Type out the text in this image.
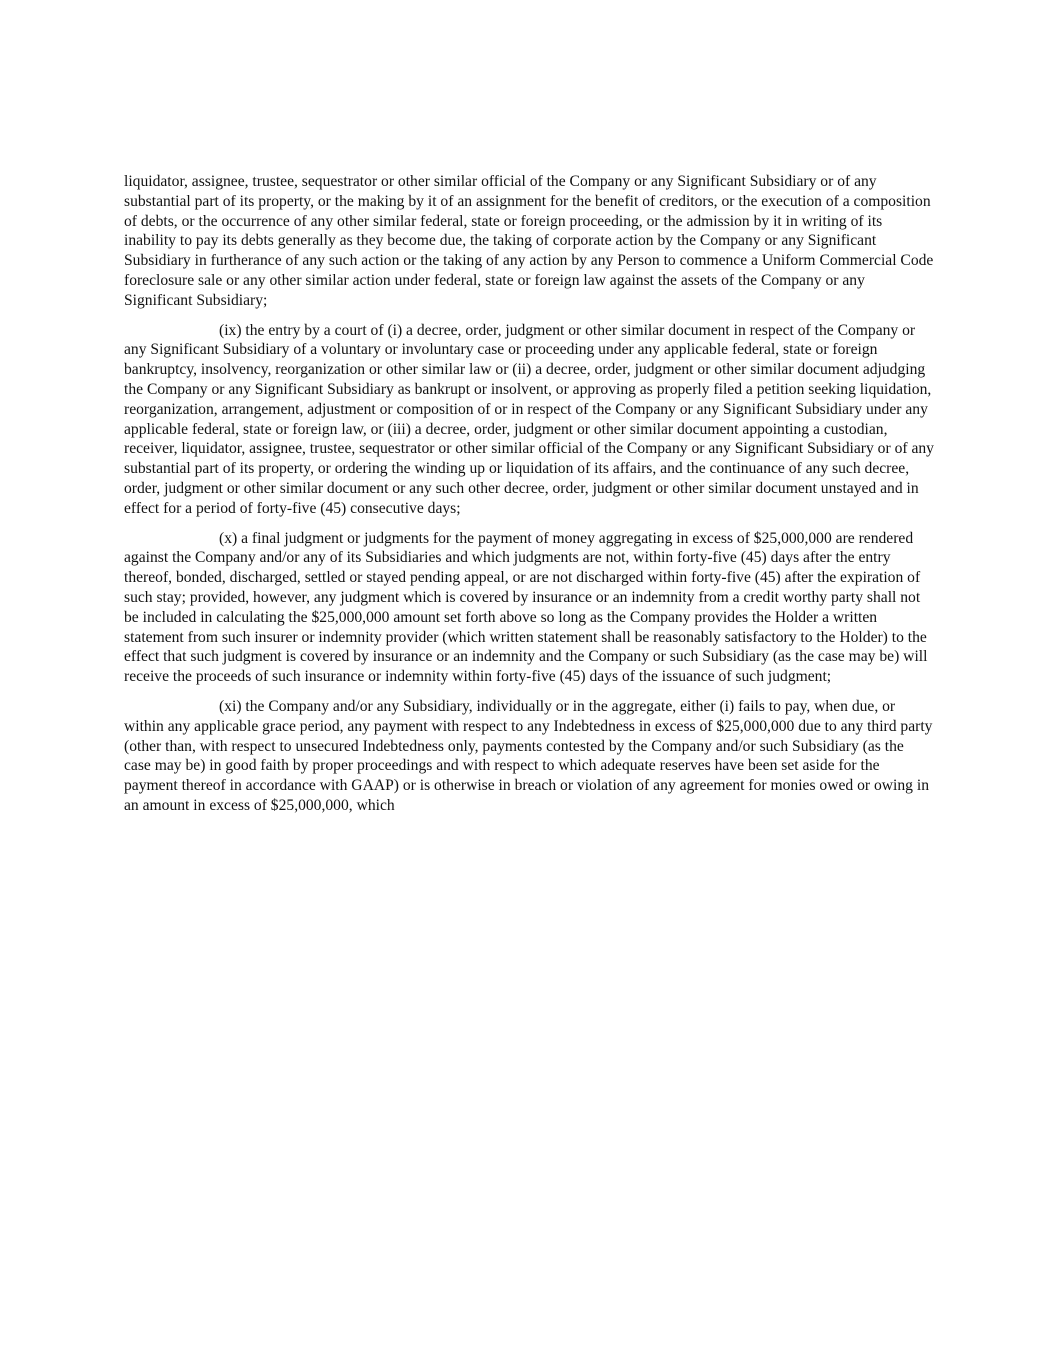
liquidator, assignee, trustee, sequestrator or other similar official of the Company or any Significant Subsidiary or of any substantial part of its property, or the making by it of an assignment for the benefit of creditors, or the execution of a composition of debts, or the occurrence of any other similar federal, state or foreign proceeding, or the admission by it in writing of its inability to pay its debts generally as they become due, the taking of corporate action by the Company or any Significant Subsidiary in furtherance of any such action or the taking of any action by any Person to commence a Uniform Commercial Code foreclosure sale or any other similar action under federal, state or foreign law against the assets of the Company or any Significant Subsidiary;

(ix) the entry by a court of (i) a decree, order, judgment or other similar document in respect of the Company or any Significant Subsidiary of a voluntary or involuntary case or proceeding under any applicable federal, state or foreign bankruptcy, insolvency, reorganization or other similar law or (ii) a decree, order, judgment or other similar document adjudging the Company or any Significant Subsidiary as bankrupt or insolvent, or approving as properly filed a petition seeking liquidation, reorganization, arrangement, adjustment or composition of or in respect of the Company or any Significant Subsidiary under any applicable federal, state or foreign law, or (iii) a decree, order, judgment or other similar document appointing a custodian, receiver, liquidator, assignee, trustee, sequestrator or other similar official of the Company or any Significant Subsidiary or of any substantial part of its property, or ordering the winding up or liquidation of its affairs, and the continuance of any such decree, order, judgment or other similar document or any such other decree, order, judgment or other similar document unstayed and in effect for a period of forty-five (45) consecutive days;

(x) a final judgment or judgments for the payment of money aggregating in excess of $25,000,000 are rendered against the Company and/or any of its Subsidiaries and which judgments are not, within forty-five (45) days after the entry thereof, bonded, discharged, settled or stayed pending appeal, or are not discharged within forty-five (45) after the expiration of such stay; provided, however, any judgment which is covered by insurance or an indemnity from a credit worthy party shall not be included in calculating the $25,000,000 amount set forth above so long as the Company provides the Holder a written statement from such insurer or indemnity provider (which written statement shall be reasonably satisfactory to the Holder) to the effect that such judgment is covered by insurance or an indemnity and the Company or such Subsidiary (as the case may be) will receive the proceeds of such insurance or indemnity within forty-five (45) days of the issuance of such judgment;

(xi) the Company and/or any Subsidiary, individually or in the aggregate, either (i) fails to pay, when due, or within any applicable grace period, any payment with respect to any Indebtedness in excess of $25,000,000 due to any third party (other than, with respect to unsecured Indebtedness only, payments contested by the Company and/or such Subsidiary (as the case may be) in good faith by proper proceedings and with respect to which adequate reserves have been set aside for the payment thereof in accordance with GAAP) or is otherwise in breach or violation of any agreement for monies owed or owing in an amount in excess of $25,000,000, which
